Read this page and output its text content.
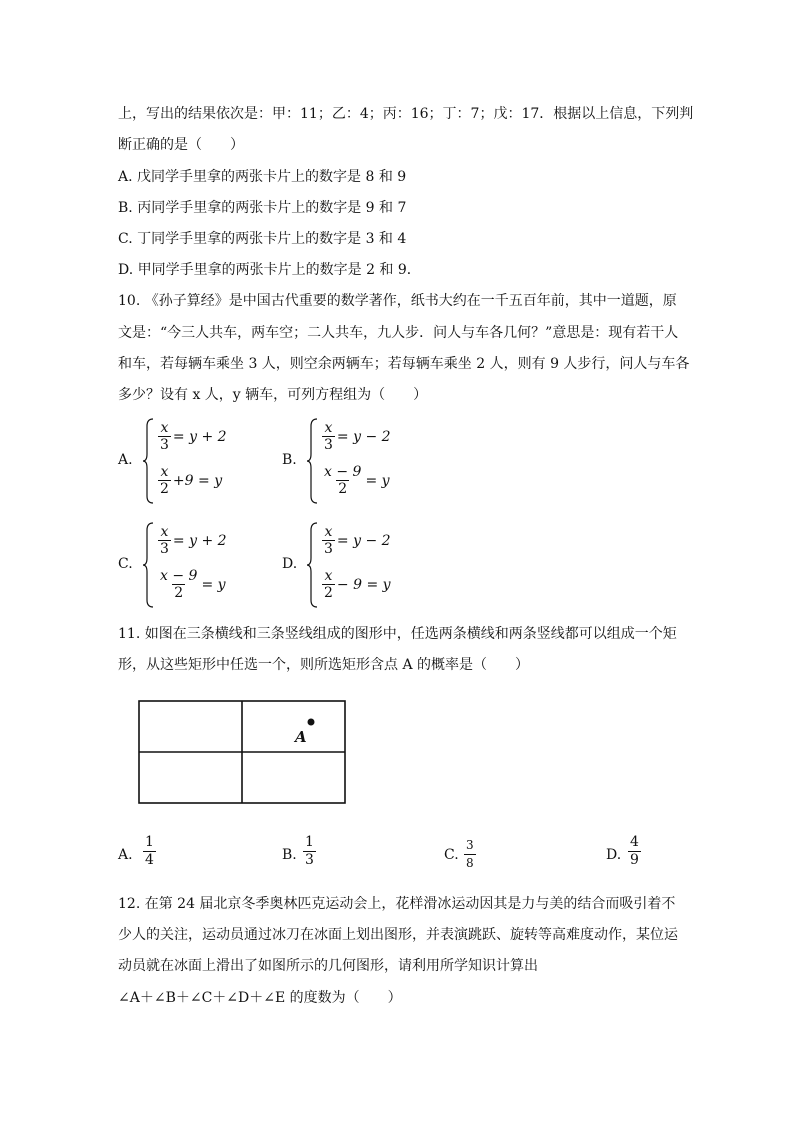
上，写出的结果依次是：甲：11；乙：4；丙：16；丁：7；戊：17．根据以上信息，下列判
断正确的是（　　）
A. 戊同学手里拿的两张卡片上的数字是 8 和 9
B. 丙同学手里拿的两张卡片上的数字是 9 和 7
C. 丁同学手里拿的两张卡片上的数字是 3 和 4
D. 甲同学手里拿的两张卡片上的数字是 2 和 9．
10. 《孙子算经》是中国古代重要的数学著作，纸书大约在一千五百年前，其中一道题，原
文是：“今三人共车，两车空；二人共车，九人步．问人与车各几何？”意思是：现有若干人
和车，若每辆车乘坐 3 人，则空余两辆车；若每辆车乘坐 2 人，则有 9 人步行，问人与车各
多少？设有 x 人，y 辆车，可列方程组为（　　）
A.
$\frac{x}{3} = y + 2$
$\frac{x}{2} +9 = y$
B.
$\frac{x}{3} = y - 2$
$\frac{x - 9}{2} = y$
C.
$\frac{x}{3} = y + 2$
$\frac{x - 9}{2} = y$
D.
$\frac{x}{3} = y - 2$
$\frac{x}{2} - 9 = y$
11. 如图在三条横线和三条竖线组成的图形中，任选两条横线和两条竖线都可以组成一个矩
形，从这些矩形中任选一个，则所选矩形含点 A 的概率是（　　）
A
A. $\frac{1}{4}$	B. $\frac{1}{3}$	C. $\frac{3}{8}$	D. $\frac{4}{9}$
12. 在第 24 届北京冬季奥林匹克运动会上，花样滑冰运动因其是力与美的结合而吸引着不
少人的关注，运动员通过冰刀在冰面上划出图形，并表演跳跃、旋转等高难度动作，某位运
动员就在冰面上滑出了如图所示的几何图形，请利用所学知识计算出
∠A＋∠B＋∠C＋∠D＋∠E 的度数为（　　）
